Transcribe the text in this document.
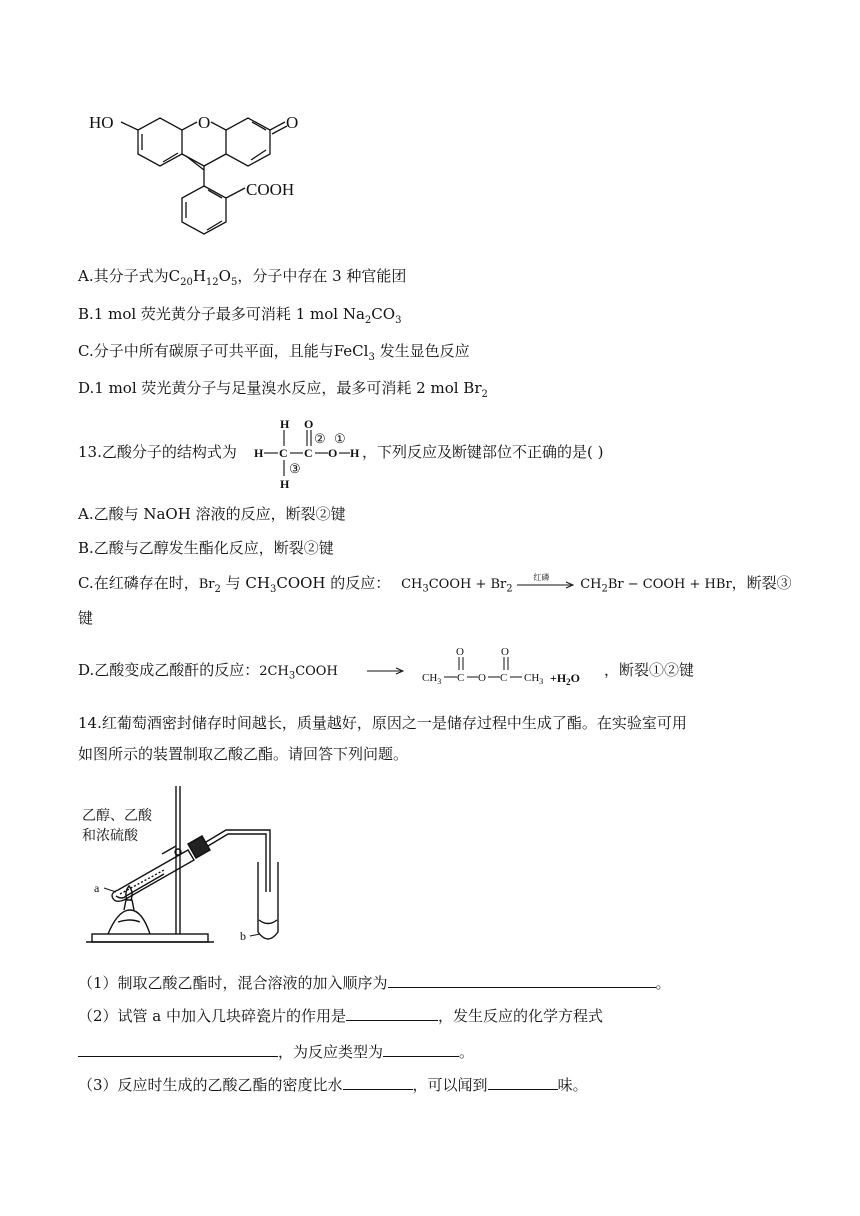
HO	O	O
COOH
A.其分子式为$C_{20}H_{12}O_5$，分子中存在 3 种官能团
B.1 mol 荧光黄分子最多可消耗 1 mol $Na_2CO_3$
C.分子中所有碳原子可共平面，且能与FeCl$_3$ 发生显色反应
D.1 mol 荧光黄分子与足量溴水反应，最多可消耗 2 mol $Br_2$
13.乙酸分子的结构式为
H O
② ①
H C C O H
③
H
，下列反应及断键部位不正确的是( )
A.乙酸与 NaOH 溶液的反应，断裂②键
B.乙酸与乙醇发生酯化反应，断裂②键
C.在红磷存在时，$Br_2$ 与 $CH_3COOH$ 的反应： $CH_3COOH + Br_2$
红磷 $CH_2Br$ − COOH + HBr，断裂③
键
D.乙酸变成乙酸酐的反应：$2CH_3COOH$
O	O
$CH_3$ C O C $CH_3 +H_2O$ ，断裂①②键
14.红葡萄酒密封储存时间越长，质量越好，原因之一是储存过程中生成了酯。在实验室可用
如图所示的装置制取乙酸乙酯。请回答下列问题。
乙醇、乙酸
和浓硫酸
a
b
（1）制取乙酸乙酯时，混合溶液的加入顺序为	。
（2）试管 a 中加入几块碎瓷片的作用是	，发生反应的化学方程式
，为反应类型为	。
（3）反应时生成的乙酸乙酯的密度比水	，可以闻到	味。
